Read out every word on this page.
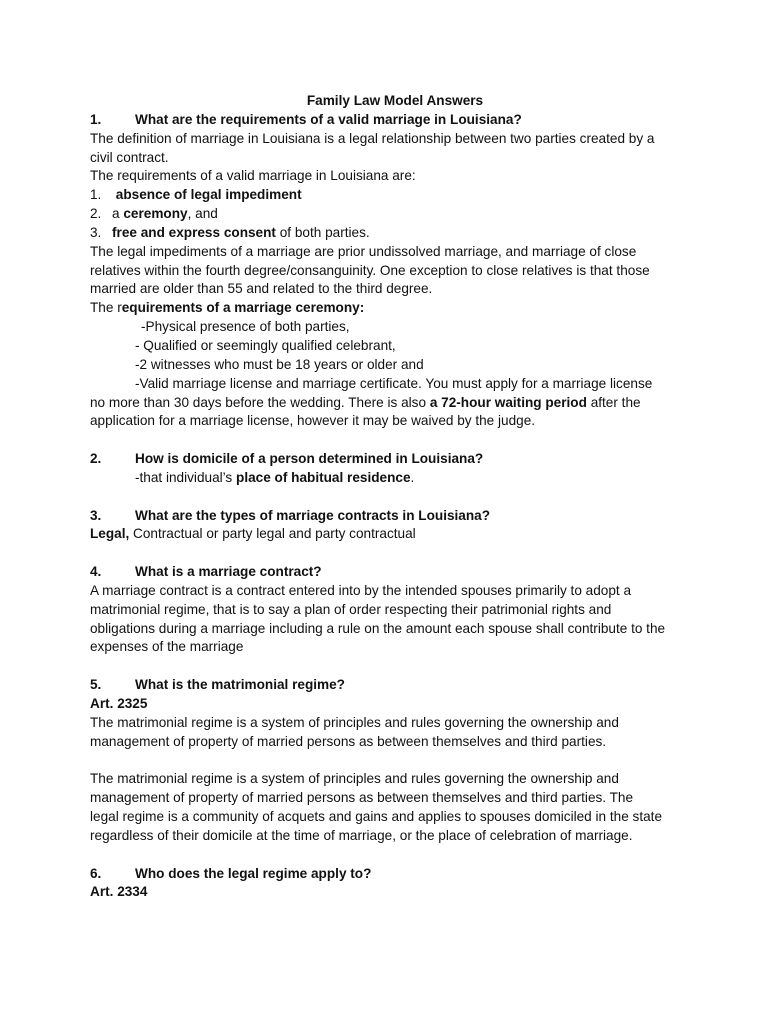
Family Law Model Answers
1. What are the requirements of a valid marriage in Louisiana?
The definition of marriage in Louisiana is a legal relationship between two parties created by a
civil contract.
The requirements of a valid marriage in Louisiana are:
1. absence of legal impediment
2. a ceremony, and
3. free and express consent of both parties.
The legal impediments of a marriage are prior undissolved marriage, and marriage of close
relatives within the fourth degree/consanguinity. One exception to close relatives is that those
married are older than 55 and related to the third degree.
The requirements of a marriage ceremony:
-Physical presence of both parties,
- Qualified or seemingly qualified celebrant,
-2 witnesses who must be 18 years or older and
-Valid marriage license and marriage certificate. You must apply for a marriage license
no more than 30 days before the wedding. There is also a 72-hour waiting period after the
application for a marriage license, however it may be waived by the judge.
2. How is domicile of a person determined in Louisiana?
-that individual’s place of habitual residence.
3. What are the types of marriage contracts in Louisiana?
Legal, Contractual or party legal and party contractual
4. What is a marriage contract?
A marriage contract is a contract entered into by the intended spouses primarily to adopt a
matrimonial regime, that is to say a plan of order respecting their patrimonial rights and
obligations during a marriage including a rule on the amount each spouse shall contribute to the
expenses of the marriage
5. What is the matrimonial regime?
Art. 2325
The matrimonial regime is a system of principles and rules governing the ownership and
management of property of married persons as between themselves and third parties.
The matrimonial regime is a system of principles and rules governing the ownership and
management of property of married persons as between themselves and third parties. The
legal regime is a community of acquets and gains and applies to spouses domiciled in the state
regardless of their domicile at the time of marriage, or the place of celebration of marriage.
6. Who does the legal regime apply to?
Art. 2334
